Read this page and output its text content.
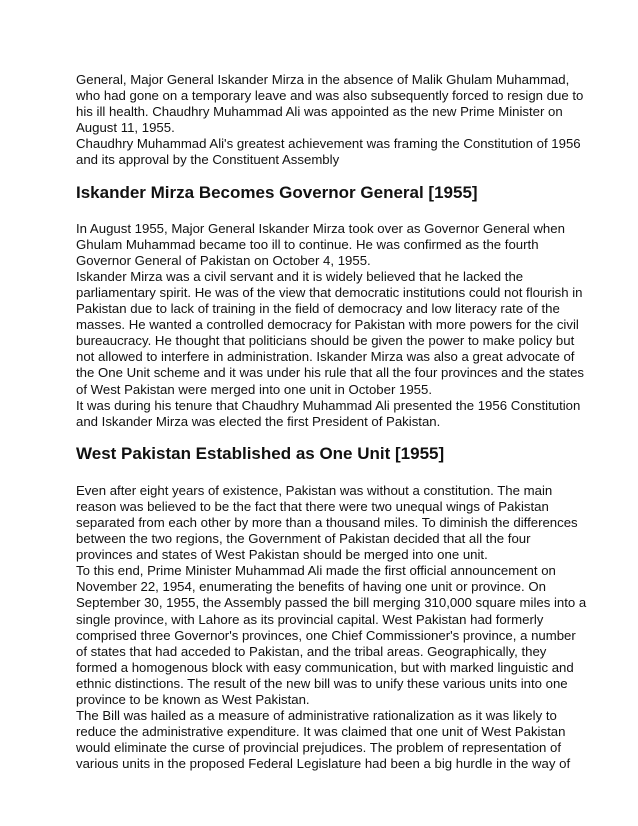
General, Major General Iskander Mirza in the absence of Malik Ghulam Muhammad,
who had gone on a temporary leave and was also subsequently forced to resign due to
his ill health. Chaudhry Muhammad Ali was appointed as the new Prime Minister on
August 11, 1955.
Chaudhry Muhammad Ali's greatest achievement was framing the Constitution of 1956
and its approval by the Constituent Assembly
Iskander Mirza Becomes Governor General [1955]
In August 1955, Major General Iskander Mirza took over as Governor General when
Ghulam Muhammad became too ill to continue. He was confirmed as the fourth
Governor General of Pakistan on October 4, 1955.
Iskander Mirza was a civil servant and it is widely believed that he lacked the
parliamentary spirit. He was of the view that democratic institutions could not flourish in
Pakistan due to lack of training in the field of democracy and low literacy rate of the
masses. He wanted a controlled democracy for Pakistan with more powers for the civil
bureaucracy. He thought that politicians should be given the power to make policy but
not allowed to interfere in administration. Iskander Mirza was also a great advocate of
the One Unit scheme and it was under his rule that all the four provinces and the states
of West Pakistan were merged into one unit in October 1955.
It was during his tenure that Chaudhry Muhammad Ali presented the 1956 Constitution
and Iskander Mirza was elected the first President of Pakistan.
West Pakistan Established as One Unit [1955]
Even after eight years of existence, Pakistan was without a constitution. The main
reason was believed to be the fact that there were two unequal wings of Pakistan
separated from each other by more than a thousand miles. To diminish the differences
between the two regions, the Government of Pakistan decided that all the four
provinces and states of West Pakistan should be merged into one unit.
To this end, Prime Minister Muhammad Ali made the first official announcement on
November 22, 1954, enumerating the benefits of having one unit or province. On
September 30, 1955, the Assembly passed the bill merging 310,000 square miles into a
single province, with Lahore as its provincial capital. West Pakistan had formerly
comprised three Governor's provinces, one Chief Commissioner's province, a number
of states that had acceded to Pakistan, and the tribal areas. Geographically, they
formed a homogenous block with easy communication, but with marked linguistic and
ethnic distinctions. The result of the new bill was to unify these various units into one
province to be known as West Pakistan.
The Bill was hailed as a measure of administrative rationalization as it was likely to
reduce the administrative expenditure. It was claimed that one unit of West Pakistan
would eliminate the curse of provincial prejudices. The problem of representation of
various units in the proposed Federal Legislature had been a big hurdle in the way of
